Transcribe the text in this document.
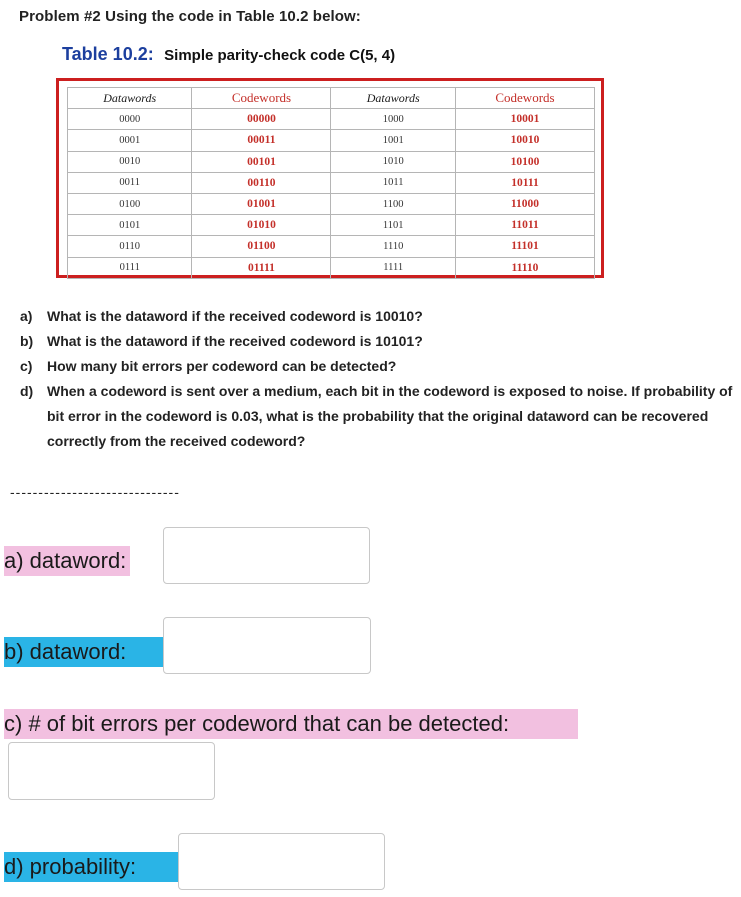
Problem #2 Using the code in Table 10.2 below:
Table 10.2: Simple parity-check code C(5, 4)
Datawords	Codewords	Datawords	Codewords
0000	00000	1000	10001
0001	00011	1001	10010
0010	00101	1010	10100
0011	00110	1011	10111
0100	01001	1100	11000
0101	01010	1101	11011
0110	01100	1110	11101
0111	01111	1111	11110
a)	What is the dataword if the received codeword is 10010?
b) What is the dataword if the received codeword is 10101?
c)	How many bit errors per codeword can be detected?
d) When a codeword is sent over a medium, each bit in the codeword is exposed to noise. If probability of bit error in the codeword is 0.03, what is the probability that the original dataword can be recovered correctly from the received codeword?
------------------------------
a) dataword:
b) dataword:
c) # of bit errors per codeword that can be detected:
d) probability:
